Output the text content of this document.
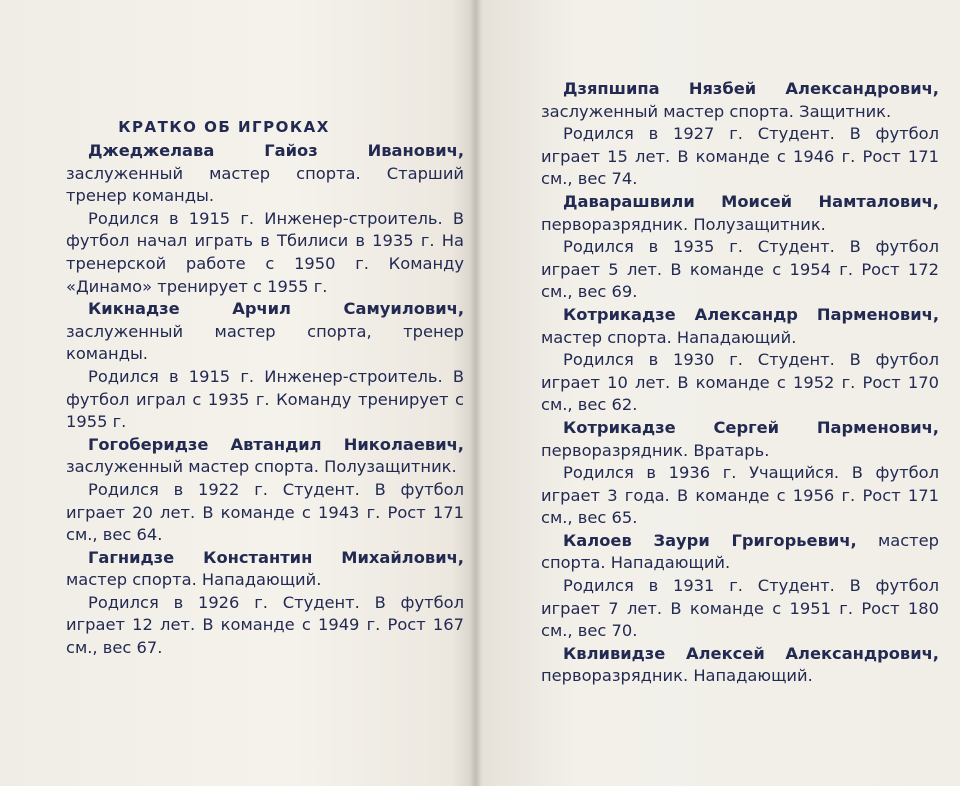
КРАТКО ОБ ИГРОКАХ

Джеджелава Гайоз Иванович, заслуженный мастер спорта. Старший тренер команды.

Родился в 1915 г. Инженер-строитель. В футбол начал играть в Тбилиси в 1935 г. На тренерской работе с 1950 г. Команду «Динамо» тренирует с 1955 г.

Кикнадзе Арчил Самуилович, заслуженный мастер спорта, тренер команды.

Родился в 1915 г. Инженер-строитель. В футбол играл с 1935 г. Команду тренирует с 1955 г.

Гогоберидзе Автандил Николаевич, заслуженный мастер спорта. Полузащитник.

Родился в 1922 г. Студент. В футбол играет 20 лет. В команде с 1943 г. Рост 171 см., вес 64.

Гагнидзе Константин Михайлович, мастер спорта. Нападающий.

Родился в 1926 г. Студент. В футбол играет 12 лет. В команде с 1949 г. Рост 167 см., вес 67.

Дзяпшипа Нязбей Александрович, заслуженный мастер спорта. Защитник.

Родился в 1927 г. Студент. В футбол играет 15 лет. В команде с 1946 г. Рост 171 см., вес 74.

Даварашвили Моисей Намталович, перворазрядник. Полузащитник.

Родился в 1935 г. Студент. В футбол играет 5 лет. В команде с 1954 г. Рост 172 см., вес 69.

Котрикадзе Александр Парменович, мастер спорта. Нападающий.

Родился в 1930 г. Студент. В футбол играет 10 лет. В команде с 1952 г. Рост 170 см., вес 62.

Котрикадзе Сергей Парменович, перворазрядник. Вратарь.

Родился в 1936 г. Учащийся. В футбол играет 3 года. В команде с 1956 г. Рост 171 см., вес 65.

Калоев Заури Григорьевич, мастер спорта. Нападающий.

Родился в 1931 г. Студент. В футбол играет 7 лет. В команде с 1951 г. Рост 180 см., вес 70.

Квливидзе Алексей Александрович, перворазрядник. Нападающий.
